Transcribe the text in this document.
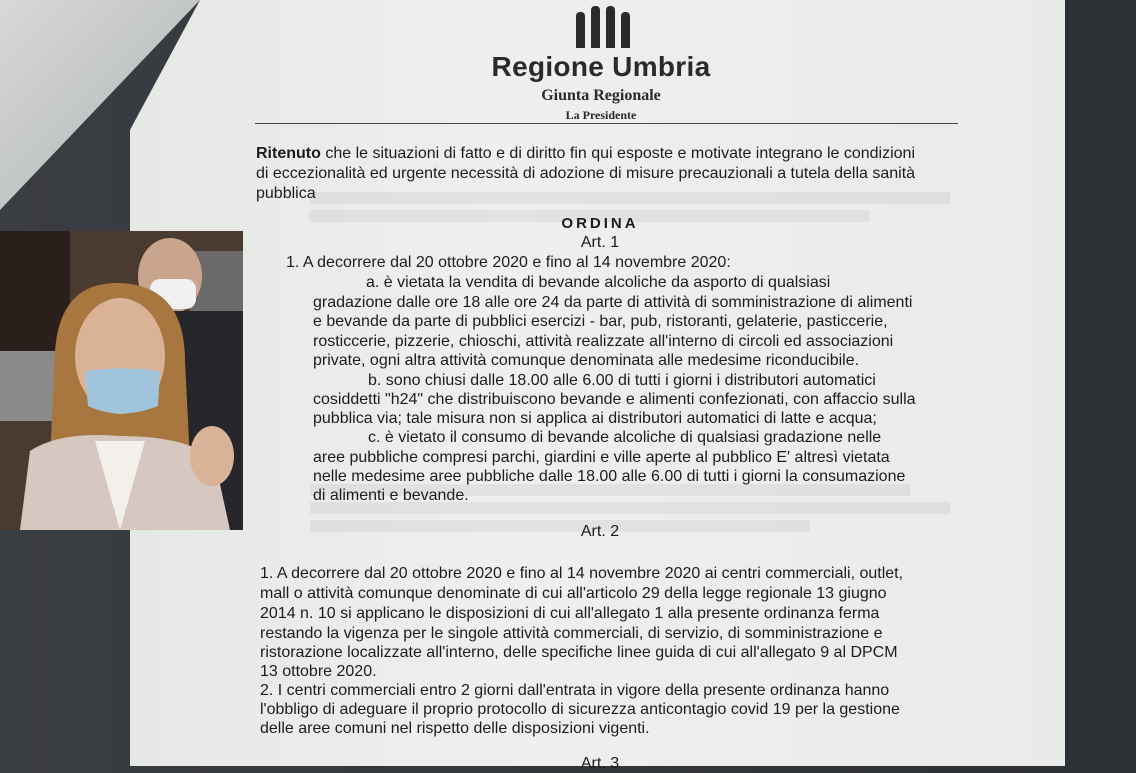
Regione Umbria
Giunta Regionale
La Presidente
Ritenuto che le situazioni di fatto e di diritto fin qui esposte e motivate integrano le condizioni
di eccezionalità ed urgente necessità di adozione di misure precauzionali a tutela della sanità
pubblica
ORDINA
Art. 1
1. A decorrere dal 20 ottobre 2020 e fino al 14 novembre 2020:
a. è vietata la vendita di bevande alcoliche da asporto di qualsiasi
gradazione dalle ore 18 alle ore 24 da parte di attività di somministrazione di alimenti
e bevande da parte di pubblici esercizi - bar, pub, ristoranti, gelaterie, pasticcerie,
rosticcerie, pizzerie, chioschi, attività realizzate all'interno di circoli ed associazioni
private, ogni altra attività comunque denominata alle medesime riconducibile.
b. sono chiusi dalle 18.00 alle 6.00 di tutti i giorni i distributori automatici
cosiddetti "h24" che distribuiscono bevande e alimenti confezionati, con affaccio sulla
pubblica via; tale misura non si applica ai distributori automatici di latte e acqua;
c. è vietato il consumo di bevande alcoliche di qualsiasi gradazione nelle
aree pubbliche compresi parchi, giardini e ville aperte al pubblico E' altresì vietata
nelle medesime aree pubbliche dalle 18.00 alle 6.00 di tutti i giorni la consumazione
di alimenti e bevande.
Art. 2
1. A decorrere dal 20 ottobre 2020 e fino al 14 novembre 2020 ai centri commerciali, outlet,
mall o attività comunque denominate di cui all'articolo 29 della legge regionale 13 giugno
2014 n. 10 si applicano le disposizioni di cui all'allegato 1 alla presente ordinanza ferma
restando la vigenza per le singole attività commerciali, di servizio, di somministrazione e
ristorazione localizzate all'interno, delle specifiche linee guida di cui all'allegato 9 al DPCM
13 ottobre 2020.
2. I centri commerciali entro 2 giorni dall'entrata in vigore della presente ordinanza hanno
l'obbligo di adeguare il proprio protocollo di sicurezza anticontagio covid 19 per la gestione
delle aree comuni nel rispetto delle disposizioni vigenti.
Art. 3
